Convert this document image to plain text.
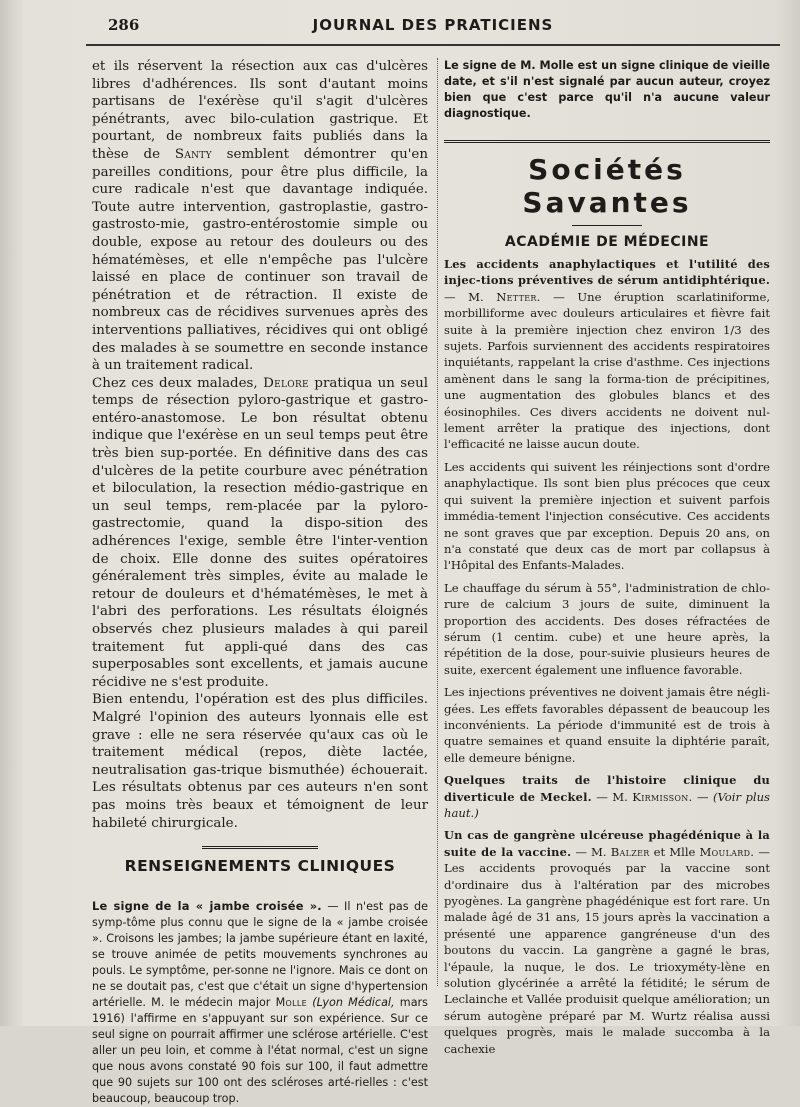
286	JOURNAL DES PRATICIENS

et ils réservent la résection aux cas d'ulcères libres d'adhérences. Ils sont d'autant moins partisans de l'exérèse qu'il s'agit d'ulcères pénétrants, avec bilo-culation gastrique. Et pourtant, de nombreux faits publiés dans la thèse de Santy semblent démontrer qu'en pareilles conditions, pour être plus difficile, la cure radicale n'est que davantage indiquée. Toute autre intervention, gastroplastie, gastro-gastrosto-mie, gastro-entérostomie simple ou double, expose au retour des douleurs ou des hématémèses, et elle n'empêche pas l'ulcère laissé en place de continuer son travail de pénétration et de rétraction. Il existe de nombreux cas de récidives survenues après des interventions palliatives, récidives qui ont obligé des malades à se soumettre en seconde instance à un traitement radical.

Chez ces deux malades, Delore pratiqua un seul temps de résection pyloro-gastrique et gastro-entéro-anastomose. Le bon résultat obtenu indique que l'exérèse en un seul temps peut être très bien sup-portée. En définitive dans des cas d'ulcères de la petite courbure avec pénétration et biloculation, la resection médio-gastrique en un seul temps, rem-placée par la pyloro-gastrectomie, quand la dispo-sition des adhérences l'exige, semble être l'inter-vention de choix. Elle donne des suites opératoires généralement très simples, évite au malade le retour de douleurs et d'hématémèses, le met à l'abri des perforations. Les résultats éloignés observés chez plusieurs malades à qui pareil traitement fut appli-qué dans des cas superposables sont excellents, et jamais aucune récidive ne s'est produite.

Bien entendu, l'opération est des plus difficiles. Malgré l'opinion des auteurs lyonnais elle est grave : elle ne sera réservée qu'aux cas où le traitement médical (repos, diète lactée, neutralisation gas-trique bismuthée) échouerait. Les résultats obtenus par ces auteurs n'en sont pas moins très beaux et témoignent de leur habileté chirurgicale.

RENSEIGNEMENTS CLINIQUES

Le signe de la « jambe croisée ». — Il n'est pas de symp-tôme plus connu que le signe de la « jambe croisée ». Croisons les jambes; la jambe supérieure étant en laxité, se trouve animée de petits mouvements synchrones au pouls. Le symptôme, per-sonne ne l'ignore. Mais ce dont on ne se doutait pas, c'est que c'était un signe d'hypertension artérielle. M. le médecin major Molle (Lyon Médical, mars 1916) l'affirme en s'appuyant sur son expérience. Sur ce seul signe on pourrait affirmer une sclérose artérielle. C'est aller un peu loin, et comme à l'état normal, c'est un signe que nous avons constaté 90 fois sur 100, il faut admettre que 90 sujets sur 100 ont des scléroses arté-rielles : c'est beaucoup, beaucoup trop.

Le signe de M. Molle est un signe clinique de vieille date, et s'il n'est signalé par aucun auteur, croyez bien que c'est parce qu'il n'a aucune valeur diagnostique.

Sociétés Savantes
ACADÉMIE DE MÉDECINE

Les accidents anaphylactiques et l'utilité des injec-tions préventives de sérum antidiphtérique. — M. Netter. — Une éruption scarlatiniforme, morbilliforme avec douleurs articulaires et fièvre fait suite à la première injection chez environ 1/3 des sujets. Parfois surviennent des accidents respiratoires inquiétants, rappelant la crise d'asthme. Ces injections amènent dans le sang la forma-tion de précipitines, une augmentation des globules blancs et des éosinophiles. Ces divers accidents ne doivent nul-lement arrêter la pratique des injections, dont l'efficacité ne laisse aucun doute.

Les accidents qui suivent les réinjections sont d'ordre anaphylactique. Ils sont bien plus précoces que ceux qui suivent la première injection et suivent parfois immédia-tement l'injection consécutive. Ces accidents ne sont graves que par exception. Depuis 20 ans, on n'a constaté que deux cas de mort par collapsus à l'Hôpital des Enfants-Malades.

Le chauffage du sérum à 55°, l'administration de chlo-rure de calcium 3 jours de suite, diminuent la proportion des accidents. Des doses réfractées de sérum (1 centim. cube) et une heure après, la répétition de la dose, pour-suivie plusieurs heures de suite, exercent également une influence favorable.

Les injections préventives ne doivent jamais être négli-gées. Les effets favorables dépassent de beaucoup les inconvénients. La période d'immunité est de trois à quatre semaines et quand ensuite la diphtérie paraît, elle demeure bénigne.

Quelques traits de l'histoire clinique du diverticule de Meckel. — M. Kirmisson. — (Voir plus haut.)

Un cas de gangrène ulcéreuse phagédénique à la suite de la vaccine. — M. Balzer et Mlle Moulard. — Les accidents provoqués par la vaccine sont d'ordinaire dus à l'altération par des microbes pyogènes. La gangrène phagédénique est fort rare. Un malade âgé de 31 ans, 15 jours après la vaccination a présenté une apparence gangréneuse d'un des boutons du vaccin. La gangrène a gagné le bras, l'épaule, la nuque, le dos. Le trioxyméty-lène en solution glycérinée a arrêté la fétidité; le sérum de Leclainche et Vallée produisit quelque amélioration; un sérum autogène préparé par M. Wurtz réalisa aussi quelques progrès, mais le malade succomba à la cachexie
